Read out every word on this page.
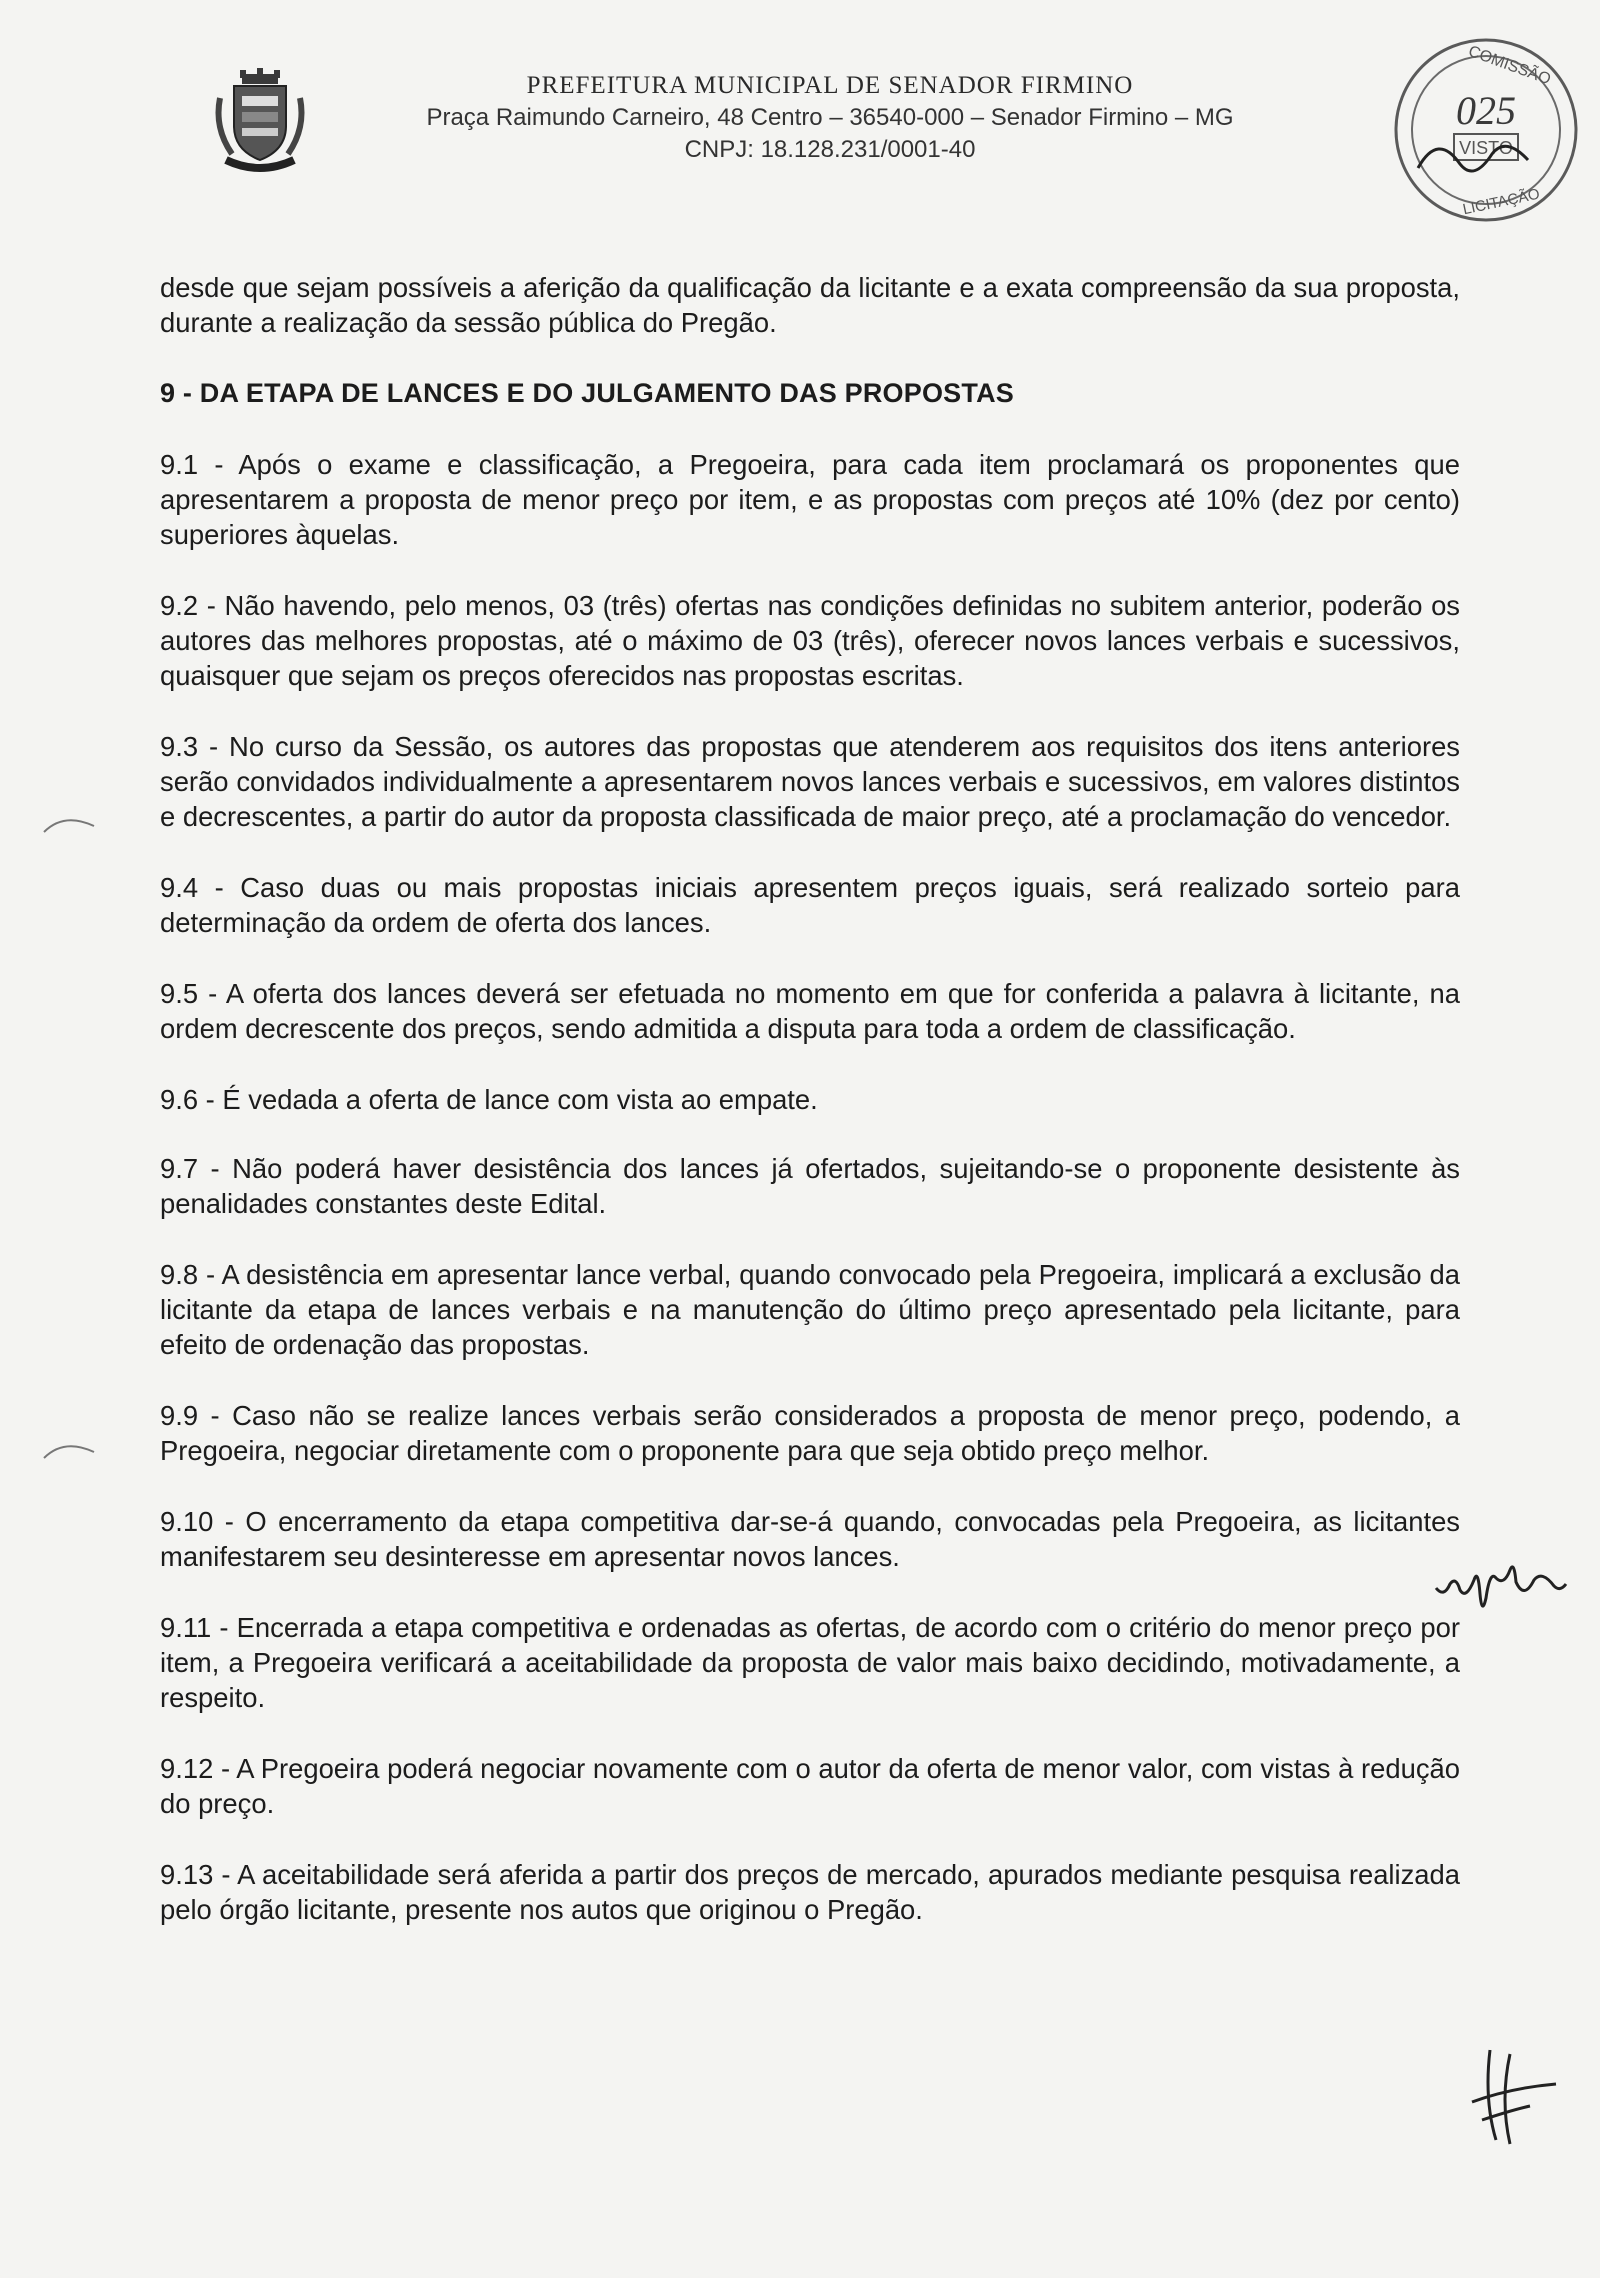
PREFEITURA MUNICIPAL DE SENADOR FIRMINO
Praça Raimundo Carneiro, 48 Centro – 36540-000 – Senador Firmino – MG
CNPJ: 18.128.231/0001-40
COMISSÃO
025
VISTO
LICITAÇÃO

desde que sejam possíveis a aferição da qualificação da licitante e a exata compreensão da sua proposta, durante a realização da sessão pública do Pregão.

9 - DA ETAPA DE LANCES E DO JULGAMENTO DAS PROPOSTAS

9.1 - Após o exame e classificação, a Pregoeira, para cada item proclamará os proponentes que apresentarem a proposta de menor preço por item, e as propostas com preços até 10% (dez por cento) superiores àquelas.

9.2 - Não havendo, pelo menos, 03 (três) ofertas nas condições definidas no subitem anterior, poderão os autores das melhores propostas, até o máximo de 03 (três), oferecer novos lances verbais e sucessivos, quaisquer que sejam os preços oferecidos nas propostas escritas.

9.3 - No curso da Sessão, os autores das propostas que atenderem aos requisitos dos itens anteriores serão convidados individualmente a apresentarem novos lances verbais e sucessivos, em valores distintos e decrescentes, a partir do autor da proposta classificada de maior preço, até a proclamação do vencedor.

9.4 - Caso duas ou mais propostas iniciais apresentem preços iguais, será realizado sorteio para determinação da ordem de oferta dos lances.

9.5 - A oferta dos lances deverá ser efetuada no momento em que for conferida a palavra à licitante, na ordem decrescente dos preços, sendo admitida a disputa para toda a ordem de classificação.

9.6 - É vedada a oferta de lance com vista ao empate.

9.7 - Não poderá haver desistência dos lances já ofertados, sujeitando-se o proponente desistente às penalidades constantes deste Edital.

9.8 - A desistência em apresentar lance verbal, quando convocado pela Pregoeira, implicará a exclusão da licitante da etapa de lances verbais e na manutenção do último preço apresentado pela licitante, para efeito de ordenação das propostas.

9.9 - Caso não se realize lances verbais serão considerados a proposta de menor preço, podendo, a Pregoeira, negociar diretamente com o proponente para que seja obtido preço melhor.

9.10 - O encerramento da etapa competitiva dar-se-á quando, convocadas pela Pregoeira, as licitantes manifestarem seu desinteresse em apresentar novos lances.

9.11 - Encerrada a etapa competitiva e ordenadas as ofertas, de acordo com o critério do menor preço por item, a Pregoeira verificará a aceitabilidade da proposta de valor mais baixo decidindo, motivadamente, a respeito.

9.12 - A Pregoeira poderá negociar novamente com o autor da oferta de menor valor, com vistas à redução do preço.

9.13 - A aceitabilidade será aferida a partir dos preços de mercado, apurados mediante pesquisa realizada pelo órgão licitante, presente nos autos que originou o Pregão.
